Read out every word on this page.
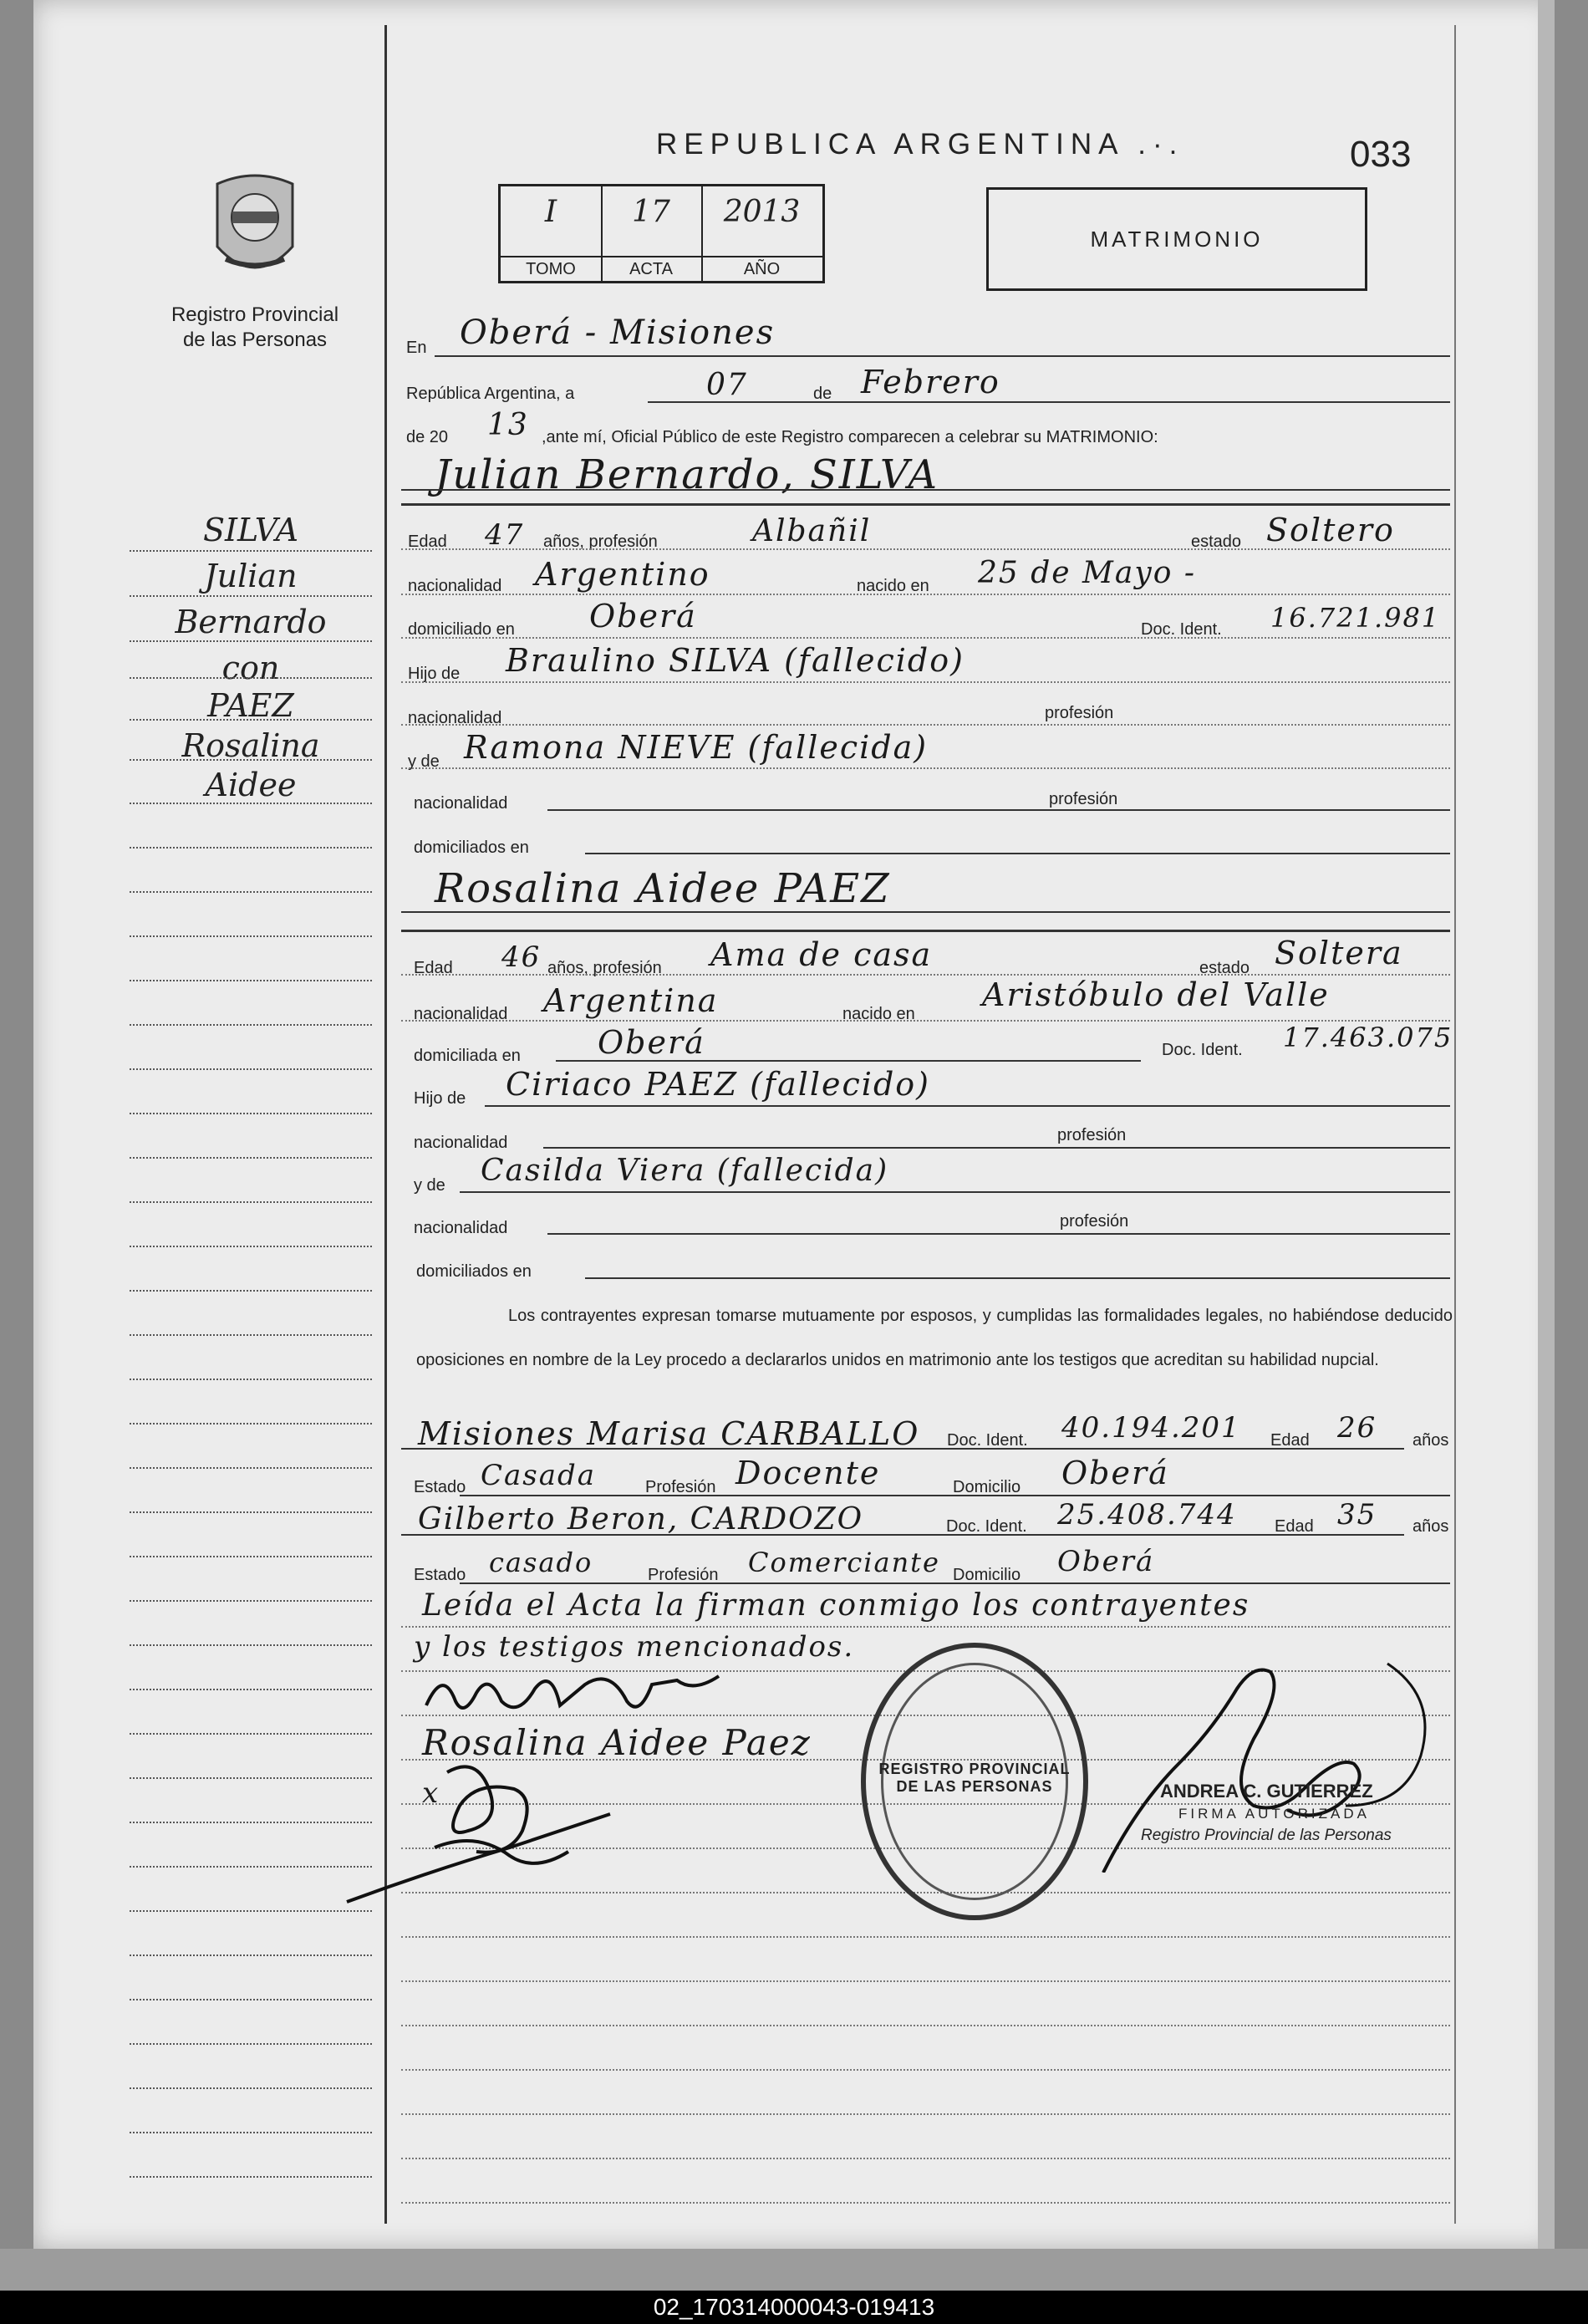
REPUBLICA ARGENTINA .·.	033
Registro Provincial
de las Personas
I
TOMO
17
ACTA
2013
AÑO
MATRIMONIO
SILVA
Julian
Bernardo
con
PAEZ
Rosalina
Aidee
En Oberá - Misiones
República Argentina, a	07	de Febrero
de 20 13 ,ante mí, Oficial Público de este Registro comparecen a celebrar su MATRIMONIO:
Julian Bernardo, SILVA
Edad 47 años, profesión	Albañil	estado Soltero
nacionalidad Argentino	nacido en 25 de Mayo -
domiciliado en Oberá	Doc. Ident. 16.721.981
Hijo de Braulino SILVA (fallecido)
nacionalidad	profesión
y de Ramona NIEVE (fallecida)
nacionalidad	profesión
domiciliados en
Rosalina Aidee PAEZ
Edad 46 años, profesión Ama de casa	estado Soltera
nacionalidad Argentina	nacido en
Aristóbulo del Valle
domiciliada en Oberá	Doc. Ident. 17.463.075
Hijo de Ciriaco PAEZ (fallecido)
nacionalidad	profesión
y de Casilda Viera (fallecida)
nacionalidad	profesión
domiciliados en
Los contrayentes expresan tomarse mutuamente por esposos, y cumplidas las formalidades legales, no habiéndose deducido oposiciones en nombre de la Ley procedo a declararlos unidos en matrimonio ante los testigos que acreditan su habilidad nupcial.
Misiones Marisa CARBALLO Doc. Ident. 40.194.201 Edad 26 años
Estado Casada	Profesión Docente	Domicilio Oberá
Gilberto Beron, CARDOZO	Doc. Ident. 25.408.744 Edad 35 años
Estado casado	Profesión Comerciante Domicilio Oberá
Leída el Acta la firman conmigo los contrayentes
y los testigos mencionados.
Rosalina Aidee Paez
x
REGISTRO PROVINCIAL DE LAS PERSONAS	ANDREA C. GUTIERREZ
FIRMA AUTORIZADA
Registro Provincial de las Personas
02_170314000043-019413
